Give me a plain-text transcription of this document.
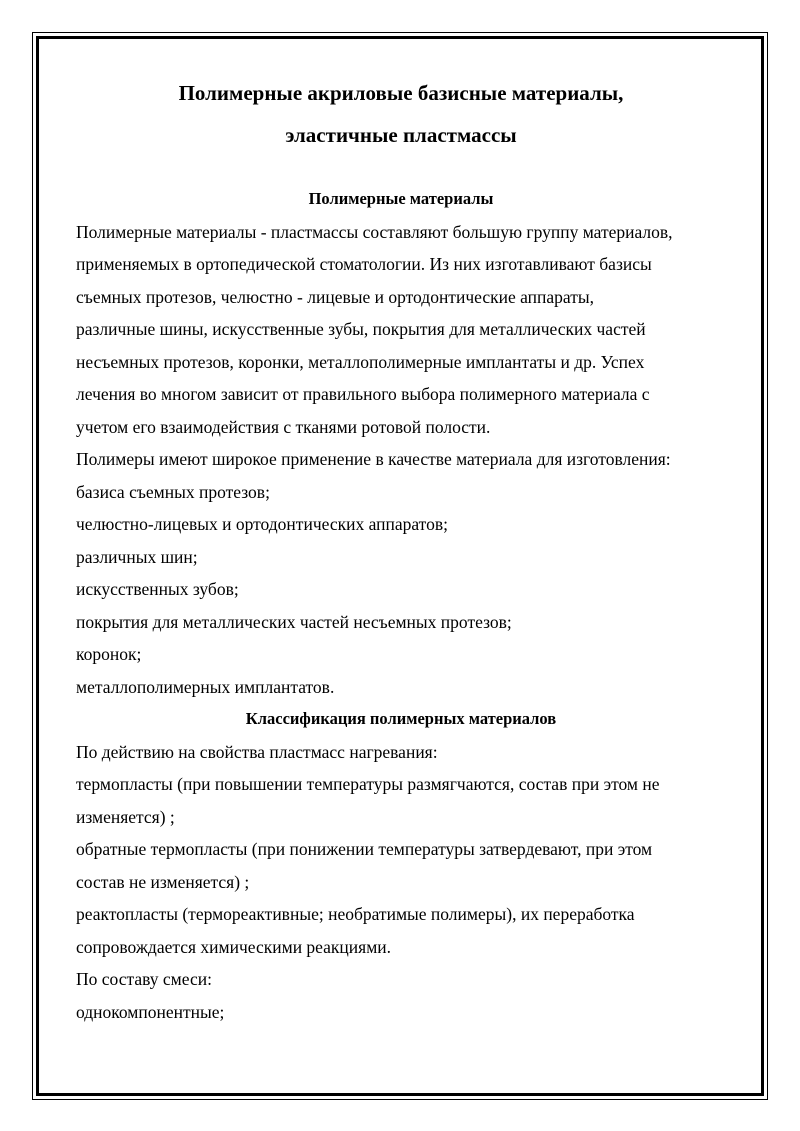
Полимерные акриловые базисные материалы,
эластичные пластмассы
Полимерные материалы

Полимерные материалы - пластмассы составляют большую группу материалов,

применяемых в ортопедической стоматологии. Из них изготавливают базисы

съемных протезов, челюстно - лицевые и ортодонтические аппараты,

различные шины, искусственные зубы, покрытия для металлических частей

несъемных протезов, коронки, металлополимерные имплантаты и др. Успех

лечения во многом зависит от правильного выбора полимерного материала с

учетом его взаимодействия с тканями ротовой полости.

Полимеры имеют широкое применение в качестве материала для изготовления:

базиса съемных протезов;

челюстно-лицевых и ортодонтических аппаратов;

различных шин;

искусственных зубов;

покрытия для металлических частей несъемных протезов;

коронок;

металлополимерных имплантатов.

Классификация полимерных материалов

По действию на свойства пластмасс нагревания:

термопласты (при повышении температуры размягчаются, состав при этом не

изменяется) ;

обратные термопласты (при понижении температуры затвердевают, при этом

состав не изменяется) ;

реактопласты (термореактивные; необратимые полимеры), их переработка

сопровождается химическими реакциями.

По составу смеси:

однокомпонентные;
